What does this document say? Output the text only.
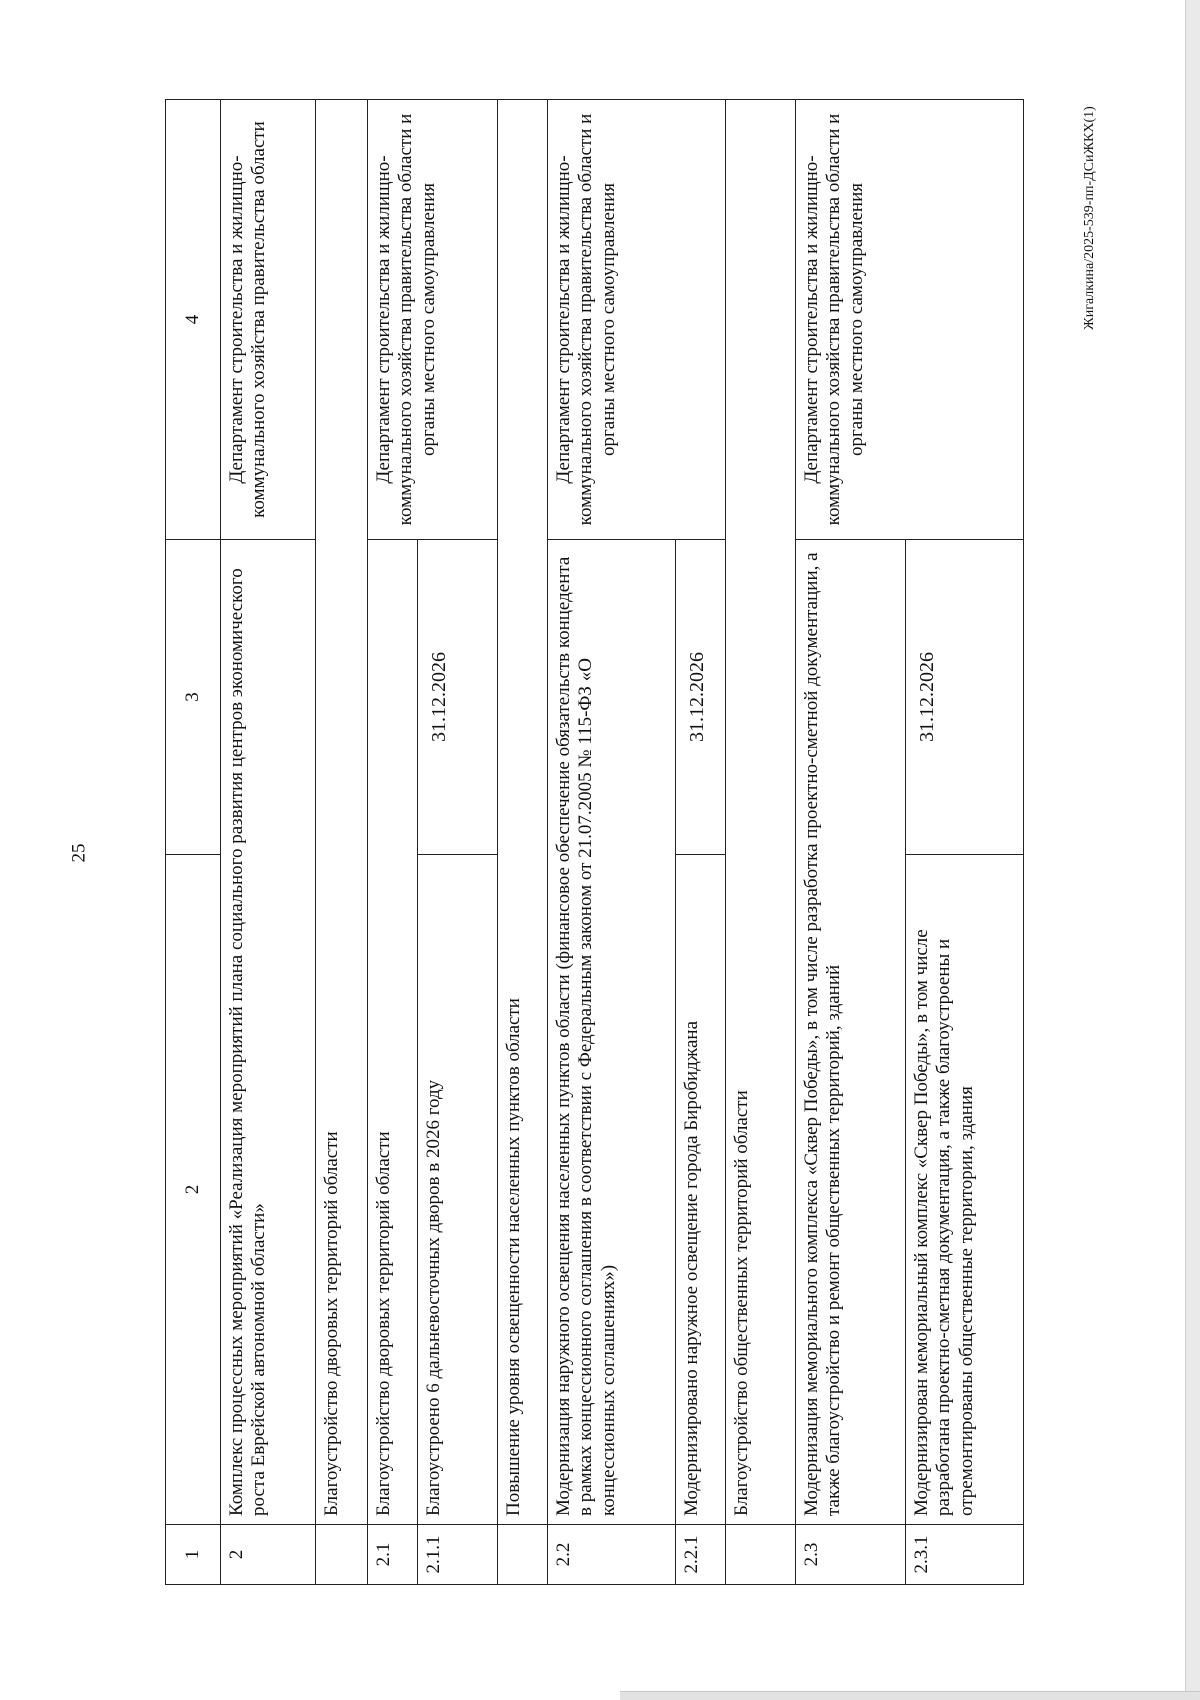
25
Жигалкина/2025-539-пп-ДСиЖКХ(1)
1	2	3	4
2	Комплекс процессных мероприятий «Реализация мероприятий плана социального развития центров экономического роста Еврейской автономной области»		Департамент строительства и жилищно-коммунального хозяйства правительства области
	Благоустройство дворовых территорий области		
2.1	Благоустройство дворовых территорий области		Департамент строительства и жилищно-коммунального хозяйства правительства области и органы местного самоуправления
2.1.1	Благоустроено 6 дальневосточных дворов в 2026 году	31.12.2026	
	Повышение уровня освещенности населенных пунктов области		
2.2	Модернизация наружного освещения населенных пунктов области (финансовое обеспечение обязательств концедента в рамках концессионного соглашения в соответствии с Федеральным законом от 21.07.2005 № 115-ФЗ «О концессионных соглашениях»)		Департамент строительства и жилищно-коммунального хозяйства правительства области и органы местного самоуправления
2.2.1	Модернизировано наружное освещение города Биробиджана	31.12.2026	
	Благоустройство общественных территорий области		
2.3	Модернизация мемориального комплекса «Сквер Победы», в том числе разработка проектно-сметной документации, а также благоустройство и ремонт общественных территорий, зданий		Департамент строительства и жилищно-коммунального хозяйства правительства области и органы местного самоуправления
2.3.1	Модернизирован мемориальный комплекс «Сквер Победы», в том числе разработана проектно-сметная документация, а также благоустроены и отремонтированы общественные территории, здания	31.12.2026	
